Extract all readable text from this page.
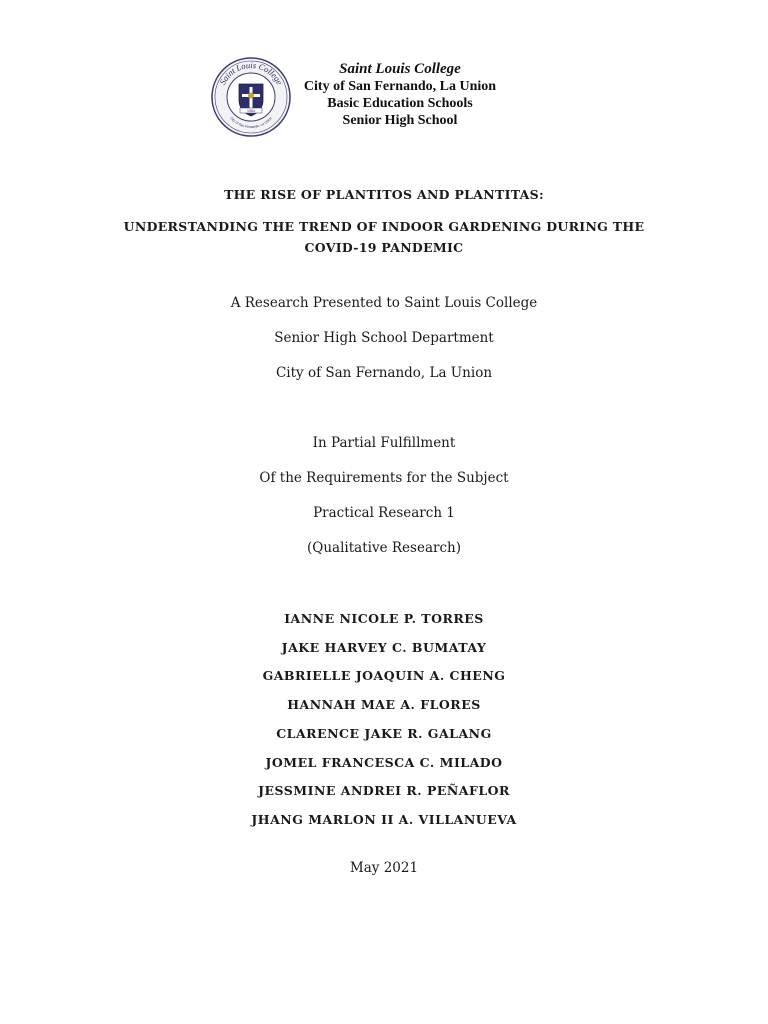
Saint Louis College
City of San Fernando, La Union
1964
Saint Louis College
City of San Fernando, La Union
Basic Education Schools
Senior High School
THE RISE OF PLANTITOS AND PLANTITAS:
UNDERSTANDING THE TREND OF INDOOR GARDENING DURING THE COVID-19 PANDEMIC
A Research Presented to Saint Louis College
Senior High School Department
City of San Fernando, La Union
In Partial Fulfillment
Of the Requirements for the Subject
Practical Research 1
(Qualitative Research)
IANNE NICOLE P. TORRES
JAKE HARVEY C. BUMATAY
GABRIELLE JOAQUIN A. CHENG
HANNAH MAE A. FLORES
CLARENCE JAKE R. GALANG
JOMEL FRANCESCA C. MILADO
JESSMINE ANDREI R. PEÑAFLOR
JHANG MARLON II A. VILLANUEVA
May 2021
